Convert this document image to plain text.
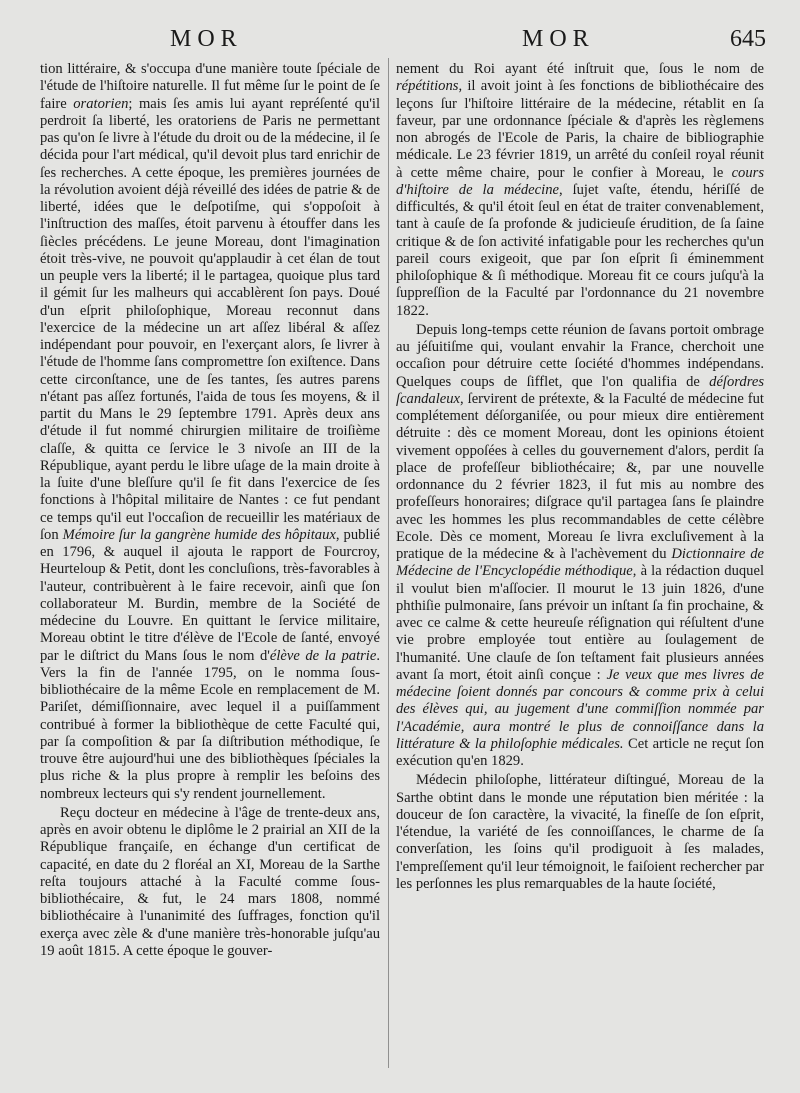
MOR	MOR	645

tion littéraire, & s'occupa d'une manière toute ſpéciale de l'étude de l'hiſtoire naturelle. Il fut même ſur le point de ſe faire oratorien; mais ſes amis lui ayant repréſenté qu'il perdroit ſa liberté, les oratoriens de Paris ne permettant pas qu'on ſe livre à l'étude du droit ou de la médecine, il ſe décida pour l'art médical, qu'il devoit plus tard enrichir de ſes recherches. A cette époque, les premières journées de la révolution avoient déjà réveillé des idées de patrie & de liberté, idées que le deſpotiſme, qui s'oppoſoit à l'inſtruction des maſſes, étoit parvenu à étouffer dans les ſiècles précédens. Le jeune Moreau, dont l'imagination étoit très-vive, ne pouvoit qu'applaudir à cet élan de tout un peuple vers la liberté; il le partagea, quoique plus tard il gémit ſur les malheurs qui accablèrent ſon pays. Doué d'un eſprit philoſophique, Moreau reconnut dans l'exercice de la médecine un art aſſez libéral & aſſez indépendant pour pouvoir, en l'exerçant alors, ſe livrer à l'étude de l'homme ſans compromettre ſon exiſtence. Dans cette circonſtance, une de ſes tantes, ſes autres parens n'étant pas aſſez fortunés, l'aida de tous ſes moyens, & il partit du Mans le 29 ſeptembre 1791. Après deux ans d'étude il fut nommé chirurgien militaire de troiſième claſſe, & quitta ce ſervice le 3 nivoſe an III de la République, ayant perdu le libre uſage de la main droite à la ſuite d'une bleſſure qu'il ſe fit dans l'exercice de ſes fonctions à l'hôpital militaire de Nantes : ce fut pendant ce temps qu'il eut l'occaſion de recueillir les matériaux de ſon Mémoire ſur la gangrène humide des hôpitaux, publié en 1796, & auquel il ajouta le rapport de Fourcroy, Heurteloup & Petit, dont les concluſions, très-favorables à l'auteur, contribuèrent à le faire recevoir, ainſi que ſon collaborateur M. Burdin, membre de la Société de médecine du Louvre. En quittant le ſervice militaire, Moreau obtint le titre d'élève de l'Ecole de ſanté, envoyé par le diſtrict du Mans ſous le nom d'élève de la patrie. Vers la fin de l'année 1795, on le nomma ſous-bibliothécaire de la même Ecole en remplacement de M. Pariſet, démiſſionnaire, avec lequel il a puiſſamment contribué à former la bibliothèque de cette Faculté qui, par ſa compoſition & par ſa diſtribution méthodique, ſe trouve être aujourd'hui une des bibliothèques ſpéciales la plus riche & la plus propre à remplir les beſoins des nombreux lecteurs qui s'y rendent journellement.

Reçu docteur en médecine à l'âge de trente-deux ans, après en avoir obtenu le diplôme le 2 prairial an XII de la République françaiſe, en échange d'un certificat de capacité, en date du 2 floréal an XI, Moreau de la Sarthe reſta toujours attaché à la Faculté comme ſous-bibliothécaire, & fut, le 24 mars 1808, nommé bibliothécaire à l'unanimité des ſuffrages, fonction qu'il exerça avec zèle & d'une manière très-honorable juſqu'au 19 août 1815. A cette époque le gouver-

nement du Roi ayant été inſtruit que, ſous le nom de répétitions, il avoit joint à ſes fonctions de bibliothécaire des leçons ſur l'hiſtoire littéraire de la médecine, rétablit en ſa faveur, par une ordonnance ſpéciale & d'après les règlemens non abrogés de l'Ecole de Paris, la chaire de bibliographie médicale. Le 23 février 1819, un arrêté du conſeil royal réunit à cette même chaire, pour le confier à Moreau, le cours d'hiſtoire de la médecine, ſujet vaſte, étendu, hériſſé de difficultés, & qu'il étoit ſeul en état de traiter convenablement, tant à cauſe de ſa profonde & judicieuſe érudition, de ſa ſaine critique & de ſon activité infatigable pour les recherches qu'un pareil cours exigeoit, que par ſon eſprit ſi éminemment philoſophique & ſi méthodique. Moreau fit ce cours juſqu'à la ſuppreſſion de la Faculté par l'ordonnance du 21 novembre 1822.

Depuis long-temps cette réunion de ſavans portoit ombrage au jéſuitiſme qui, voulant envahir la France, cherchoit une occaſion pour détruire cette ſociété d'hommes indépendans. Quelques coups de ſifflet, que l'on qualifia de déſordres ſcandaleux, ſervirent de prétexte, & la Faculté de médecine fut complétement déſorganiſée, ou pour mieux dire entièrement détruite : dès ce moment Moreau, dont les opinions étoient vivement oppoſées à celles du gouvernement d'alors, perdit ſa place de profeſſeur bibliothécaire; &, par une nouvelle ordonnance du 2 février 1823, il fut mis au nombre des profeſſeurs honoraires; diſgrace qu'il partagea ſans ſe plaindre avec les hommes les plus recommandables de cette célèbre Ecole. Dès ce moment, Moreau ſe livra excluſivement à la pratique de la médecine & à l'achèvement du Dictionnaire de Médecine de l'Encyclopédie méthodique, à la rédaction duquel il voulut bien m'aſſocier. Il mourut le 13 juin 1826, d'une phthiſie pulmonaire, ſans prévoir un inſtant ſa fin prochaine, & avec ce calme & cette heureuſe réſignation qui réſultent d'une vie probre employée tout entière au ſoulagement de l'humanité. Une clauſe de ſon teſtament fait plusieurs années avant ſa mort, étoit ainſi conçue : Je veux que mes livres de médecine ſoient donnés par concours & comme prix à celui des élèves qui, au jugement d'une commiſſion nommée par l'Académie, aura montré le plus de connoiſſance dans la littérature & la philoſophie médicales. Cet article ne reçut ſon exécution qu'en 1829.

Médecin philoſophe, littérateur diſtingué, Moreau de la Sarthe obtint dans le monde une réputation bien méritée : la douceur de ſon caractère, la vivacité, la fineſſe de ſon eſprit, l'étendue, la variété de ſes connoiſſances, le charme de ſa converſation, les ſoins qu'il prodiguoit à ſes malades, l'empreſſement qu'il leur témoignoit, le faiſoient rechercher par les perſonnes les plus remarquables de la haute ſociété,
